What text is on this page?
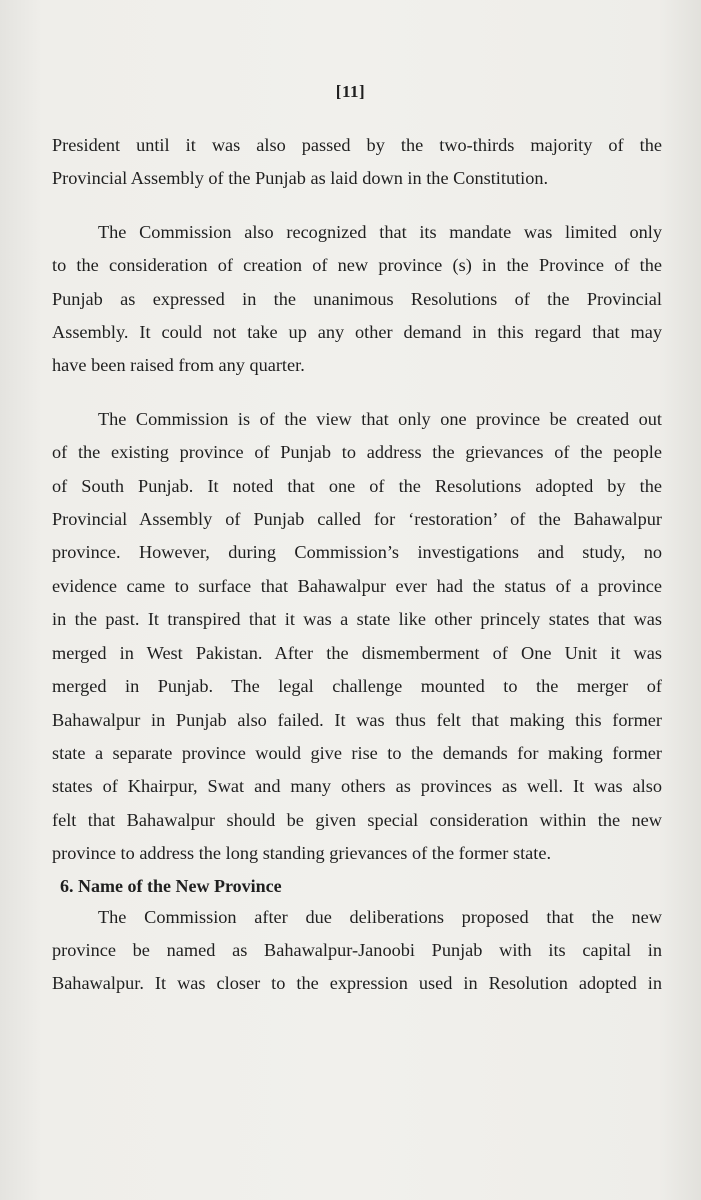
[11]
President until it was also passed by the two-thirds majority of the
Provincial Assembly of the Punjab as laid down in the Constitution.
The Commission also recognized that its mandate was limited only
to the consideration of creation of new province (s) in the Province of the
Punjab as expressed in the unanimous Resolutions of the Provincial
Assembly. It could not take up any other demand in this regard that may
have been raised from any quarter.
The Commission is of the view that only one province be created out
of the existing province of Punjab to address the grievances of the people
of South Punjab. It noted that one of the Resolutions adopted by the
Provincial Assembly of Punjab called for ‘restoration’ of the Bahawalpur
province. However, during Commission’s investigations and study, no
evidence came to surface that Bahawalpur ever had the status of a province
in the past. It transpired that it was a state like other princely states that was
merged in West Pakistan. After the dismemberment of One Unit it was
merged in Punjab. The legal challenge mounted to the merger of
Bahawalpur in Punjab also failed. It was thus felt that making this former
state a separate province would give rise to the demands for making former
states of Khairpur, Swat and many others as provinces as well. It was also
felt that Bahawalpur should be given special consideration within the new
province to address the long standing grievances of the former state.
6. Name of the New Province
The Commission after due deliberations proposed that the new
province be named as Bahawalpur-Janoobi Punjab with its capital in
Bahawalpur. It was closer to the expression used in Resolution adopted in
